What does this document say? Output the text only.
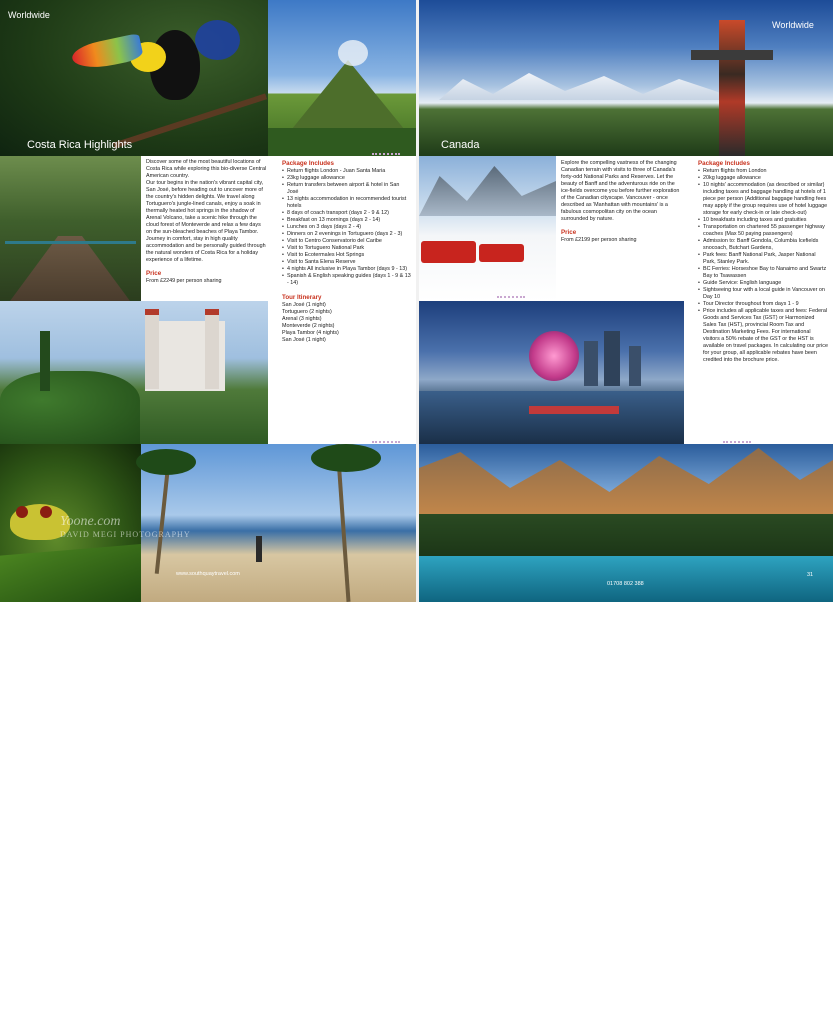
Worldwide
Costa Rica Highlights

Discover some of the most beautiful locations of Costa Rica while exploring this bio-diverse Central American country.

Our tour begins in the nation's vibrant capital city, San José, before heading out to uncover more of the country's hidden delights. We travel along Tortuguero's jungle-lined canals, enjoy a soak in thermally heated hot springs in the shadow of Arenal Volcano, take a scenic hike through the cloud forest of Monteverde and relax a few days on the sun-bleached beaches of Playa Tambor.

Journey in comfort, stay in high quality accommodation and be personally guided through the natural wonders of Costa Rica for a holiday experience of a lifetime.

Price

From £2249 per person sharing

Package Includes
• Return flights London - Juan Santa Maria
• 23kg luggage allowance
• Return transfers between airport & hotel in San José
• 13 nights accommodation in recommended tourist hotels
• 8 days of coach transport (days 2 - 9 & 12)
• Breakfast on 13 mornings (days 2 - 14)
• Lunches on 3 days (days 2 - 4)
• Dinners on 2 evenings in Tortuguero (days 2 - 3)
• Visit to Centro Conservatorio del Caribe
• Visit to Tortuguero National Park
• Visit to Ecotermales Hot Springs
• Visit to Santa Elena Reserve
• 4 nights All inclusive in Playa Tambor (days 9 - 13)
• Spanish & English speaking guides (days 1 - 9 & 13 - 14)
Tour Itinerary
San José (1 night)
Tortuguero (2 nights)
Arenal (3 nights)
Monteverde (2 nights)
Playa Tambor (4 nights)
San José (1 night)
30
www.southquaytravel.com
Yoone.com
DAVID MEGI PHOTOGRAPHY
Worldwide
Canada

Explore the compelling vastness of the changing Canadian terrain with visits to three of Canada's forty-odd National Parks and Reserves. Let the beauty of Banff and the adventurous ride on the ice-fields overcome you before further exploration of the Canadian cityscape. Vancouver - once described as 'Manhattan with mountains' is a fabulous cosmopolitan city on the ocean surrounded by nature.

Price

From £2199 per person sharing

Package Includes
• Return flights from London
• 20kg luggage allowance
• 10 nights' accommodation (as described or similar) including taxes and baggage handling at hotels of 1 piece per person (Additional baggage handling fees may apply if the group requires use of hotel luggage storage for early check-in or late check-out)
• 10 breakfasts including taxes and gratuities
• Transportation on chartered 55 passenger highway coaches (Max 50 paying passengers)
• Admission to: Banff Gondola, Columbia Icefields snocoach, Butchart Gardens,
• Park fees: Banff National Park, Jasper National Park, Stanley Park.
• BC Ferries: Horseshoe Bay to Nanaimo and Swartz Bay to Tsawassen
• Guide Service: English language
• Sightseeing tour with a local guide in Vancouver on Day 10
• Tour Director throughout from days 1 - 9
• Price includes all applicable taxes and fees: Federal Goods and Services Tax (GST) or Harmonized Sales Tax (HST), provincial Room Tax and Destination Marketing Fees. For international visitors a 50% rebate of the GST or the HST is available on travel packages. In calculating our price for your group, all applicable rebates have been credited into the brochure price.
01708 802 388
31
